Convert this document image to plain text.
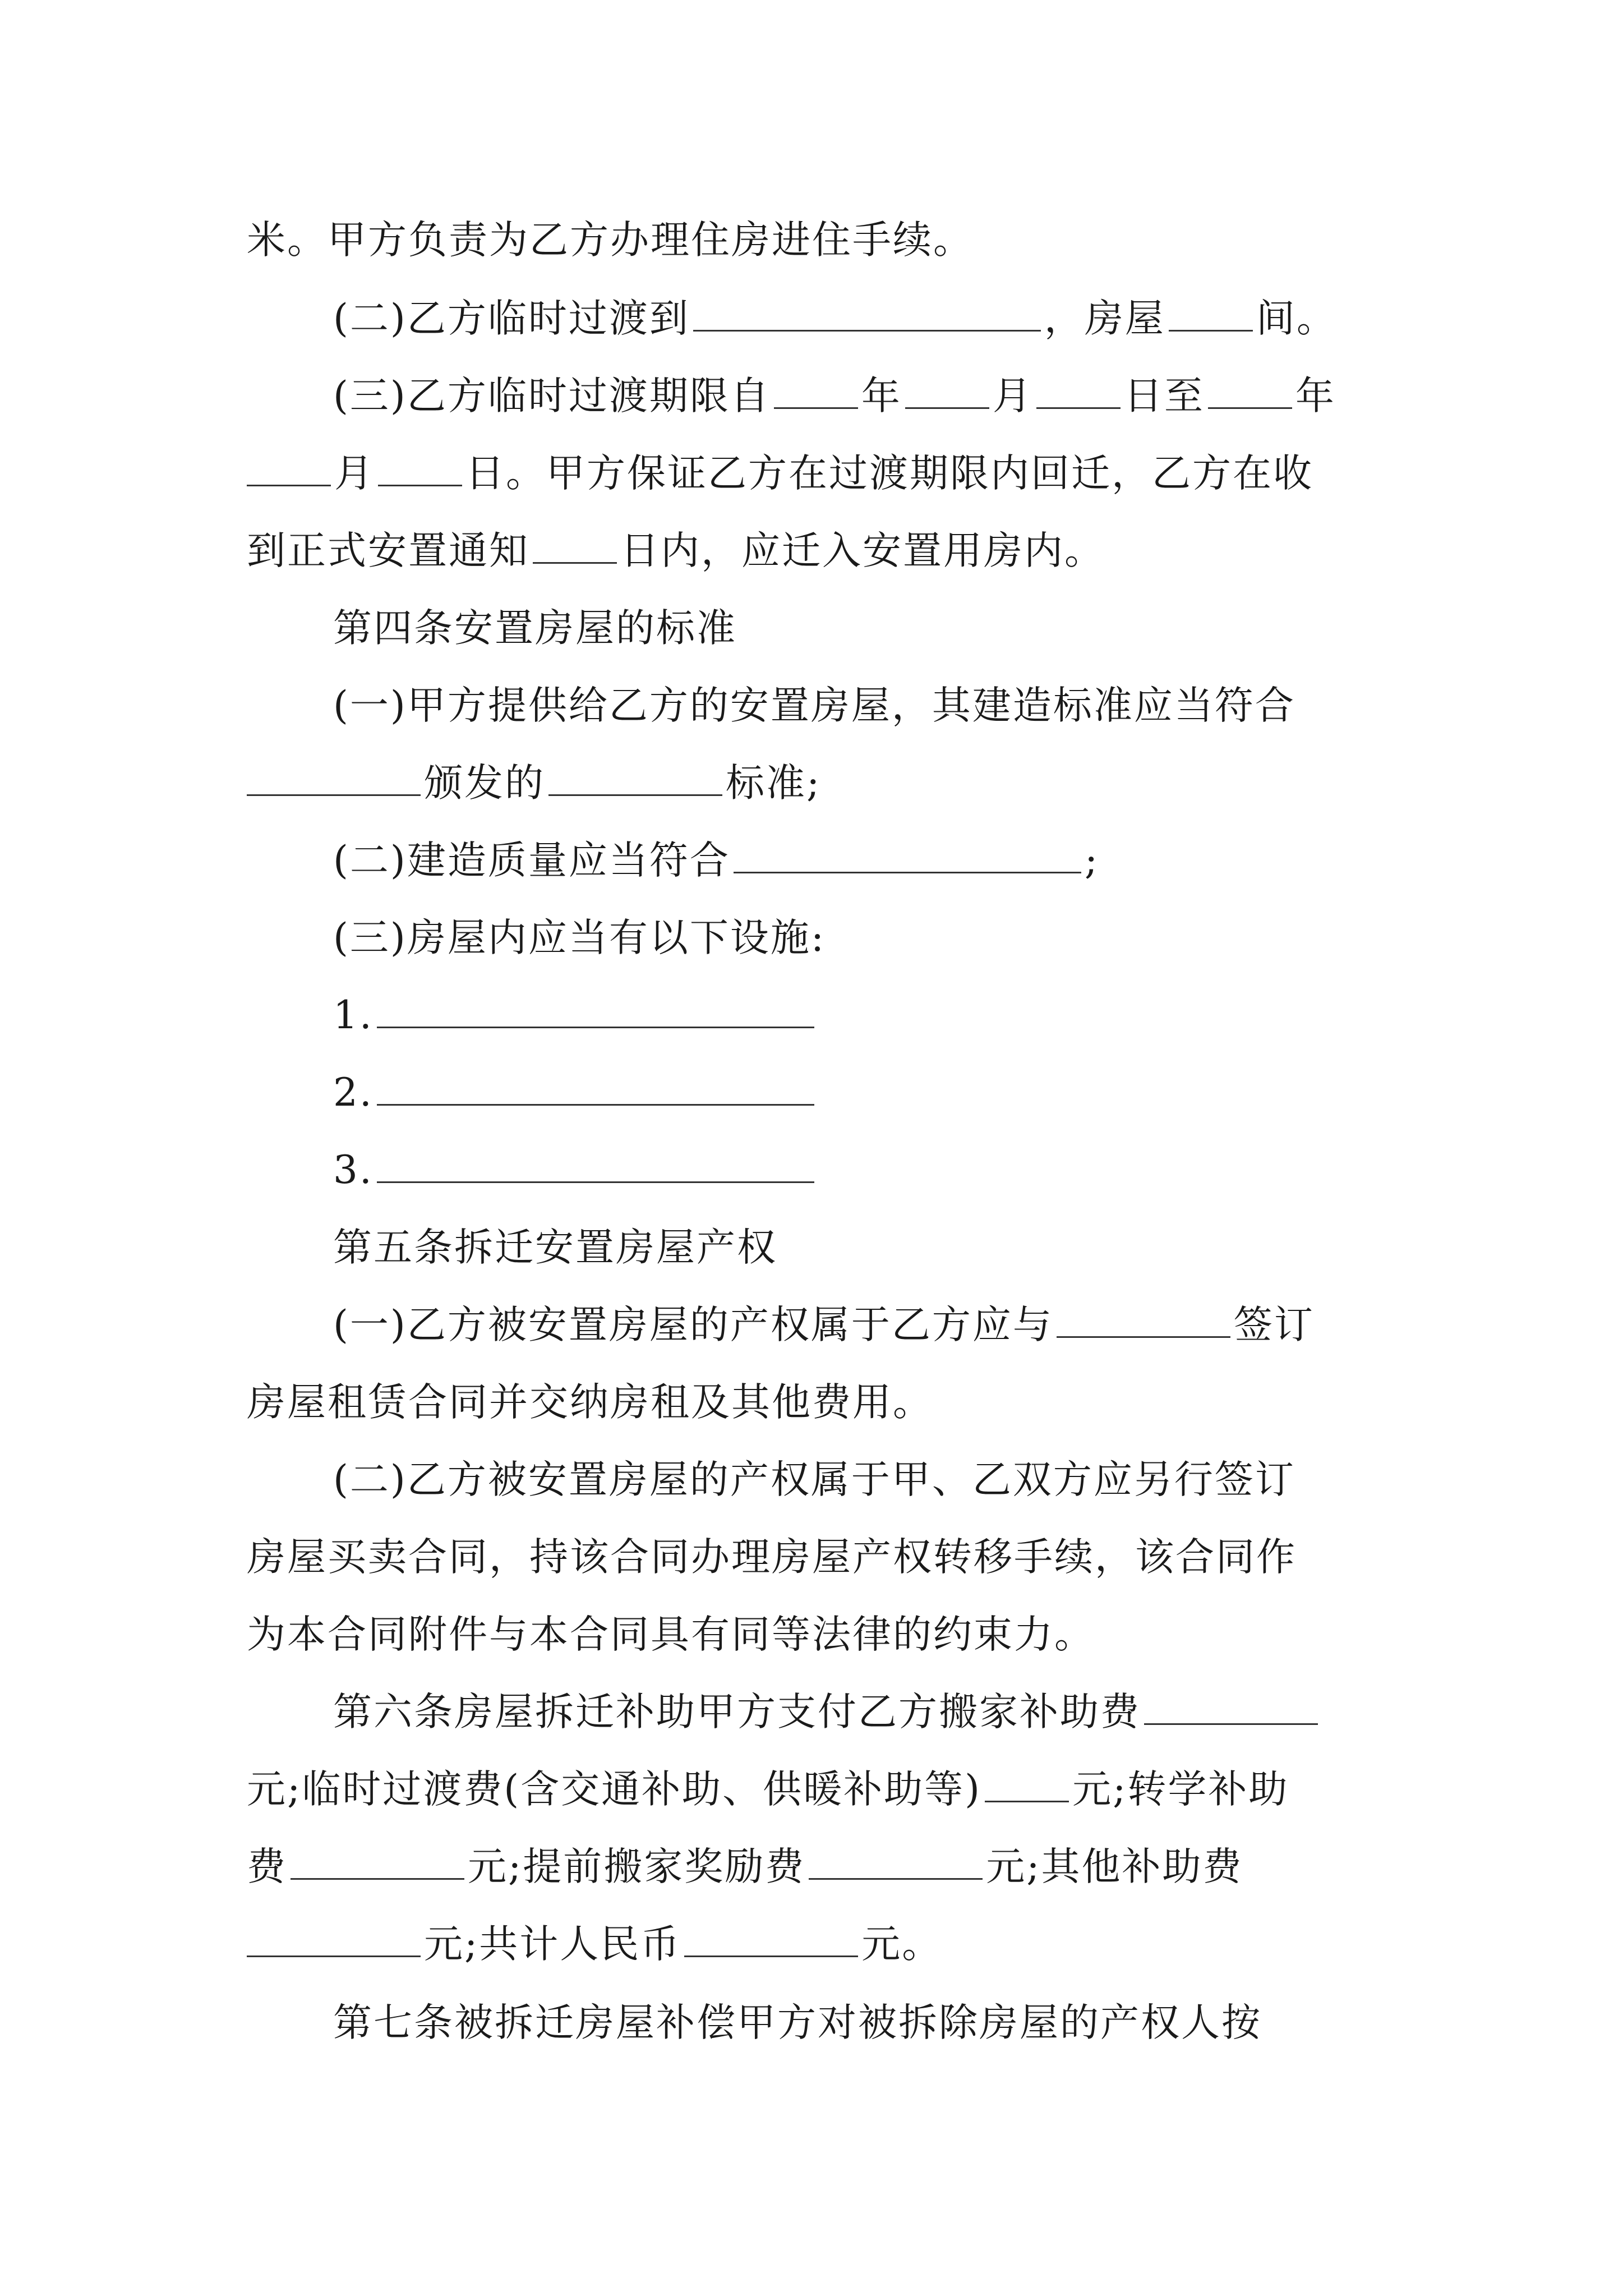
米。甲方负责为乙方办理住房进住手续。
(二)乙方临时过渡到	，房屋 间。
(三)乙方临时过渡期限自 年 月 日至 年
月 日。甲方保证乙方在过渡期限内回迁，乙方在收
到正式安置通知 日内，应迁入安置用房内。
第四条安置房屋的标准
(一)甲方提供给乙方的安置房屋，其建造标准应当符合
颁发的	标准;
(二)建造质量应当符合	;
(三)房屋内应当有以下设施:
1.
2.
3.
第五条拆迁安置房屋产权
(一)乙方被安置房屋的产权属于乙方应与	签订
房屋租赁合同并交纳房租及其他费用。
(二)乙方被安置房屋的产权属于甲、乙双方应另行签订
房屋买卖合同，持该合同办理房屋产权转移手续，该合同作
为本合同附件与本合同具有同等法律的约束力。
第六条房屋拆迁补助甲方支付乙方搬家补助费
元;临时过渡费(含交通补助、供暖补助等) 元;转学补助
费	元;提前搬家奖励费	元;其他补助费
元;共计人民币	元。
第七条被拆迁房屋补偿甲方对被拆除房屋的产权人按
